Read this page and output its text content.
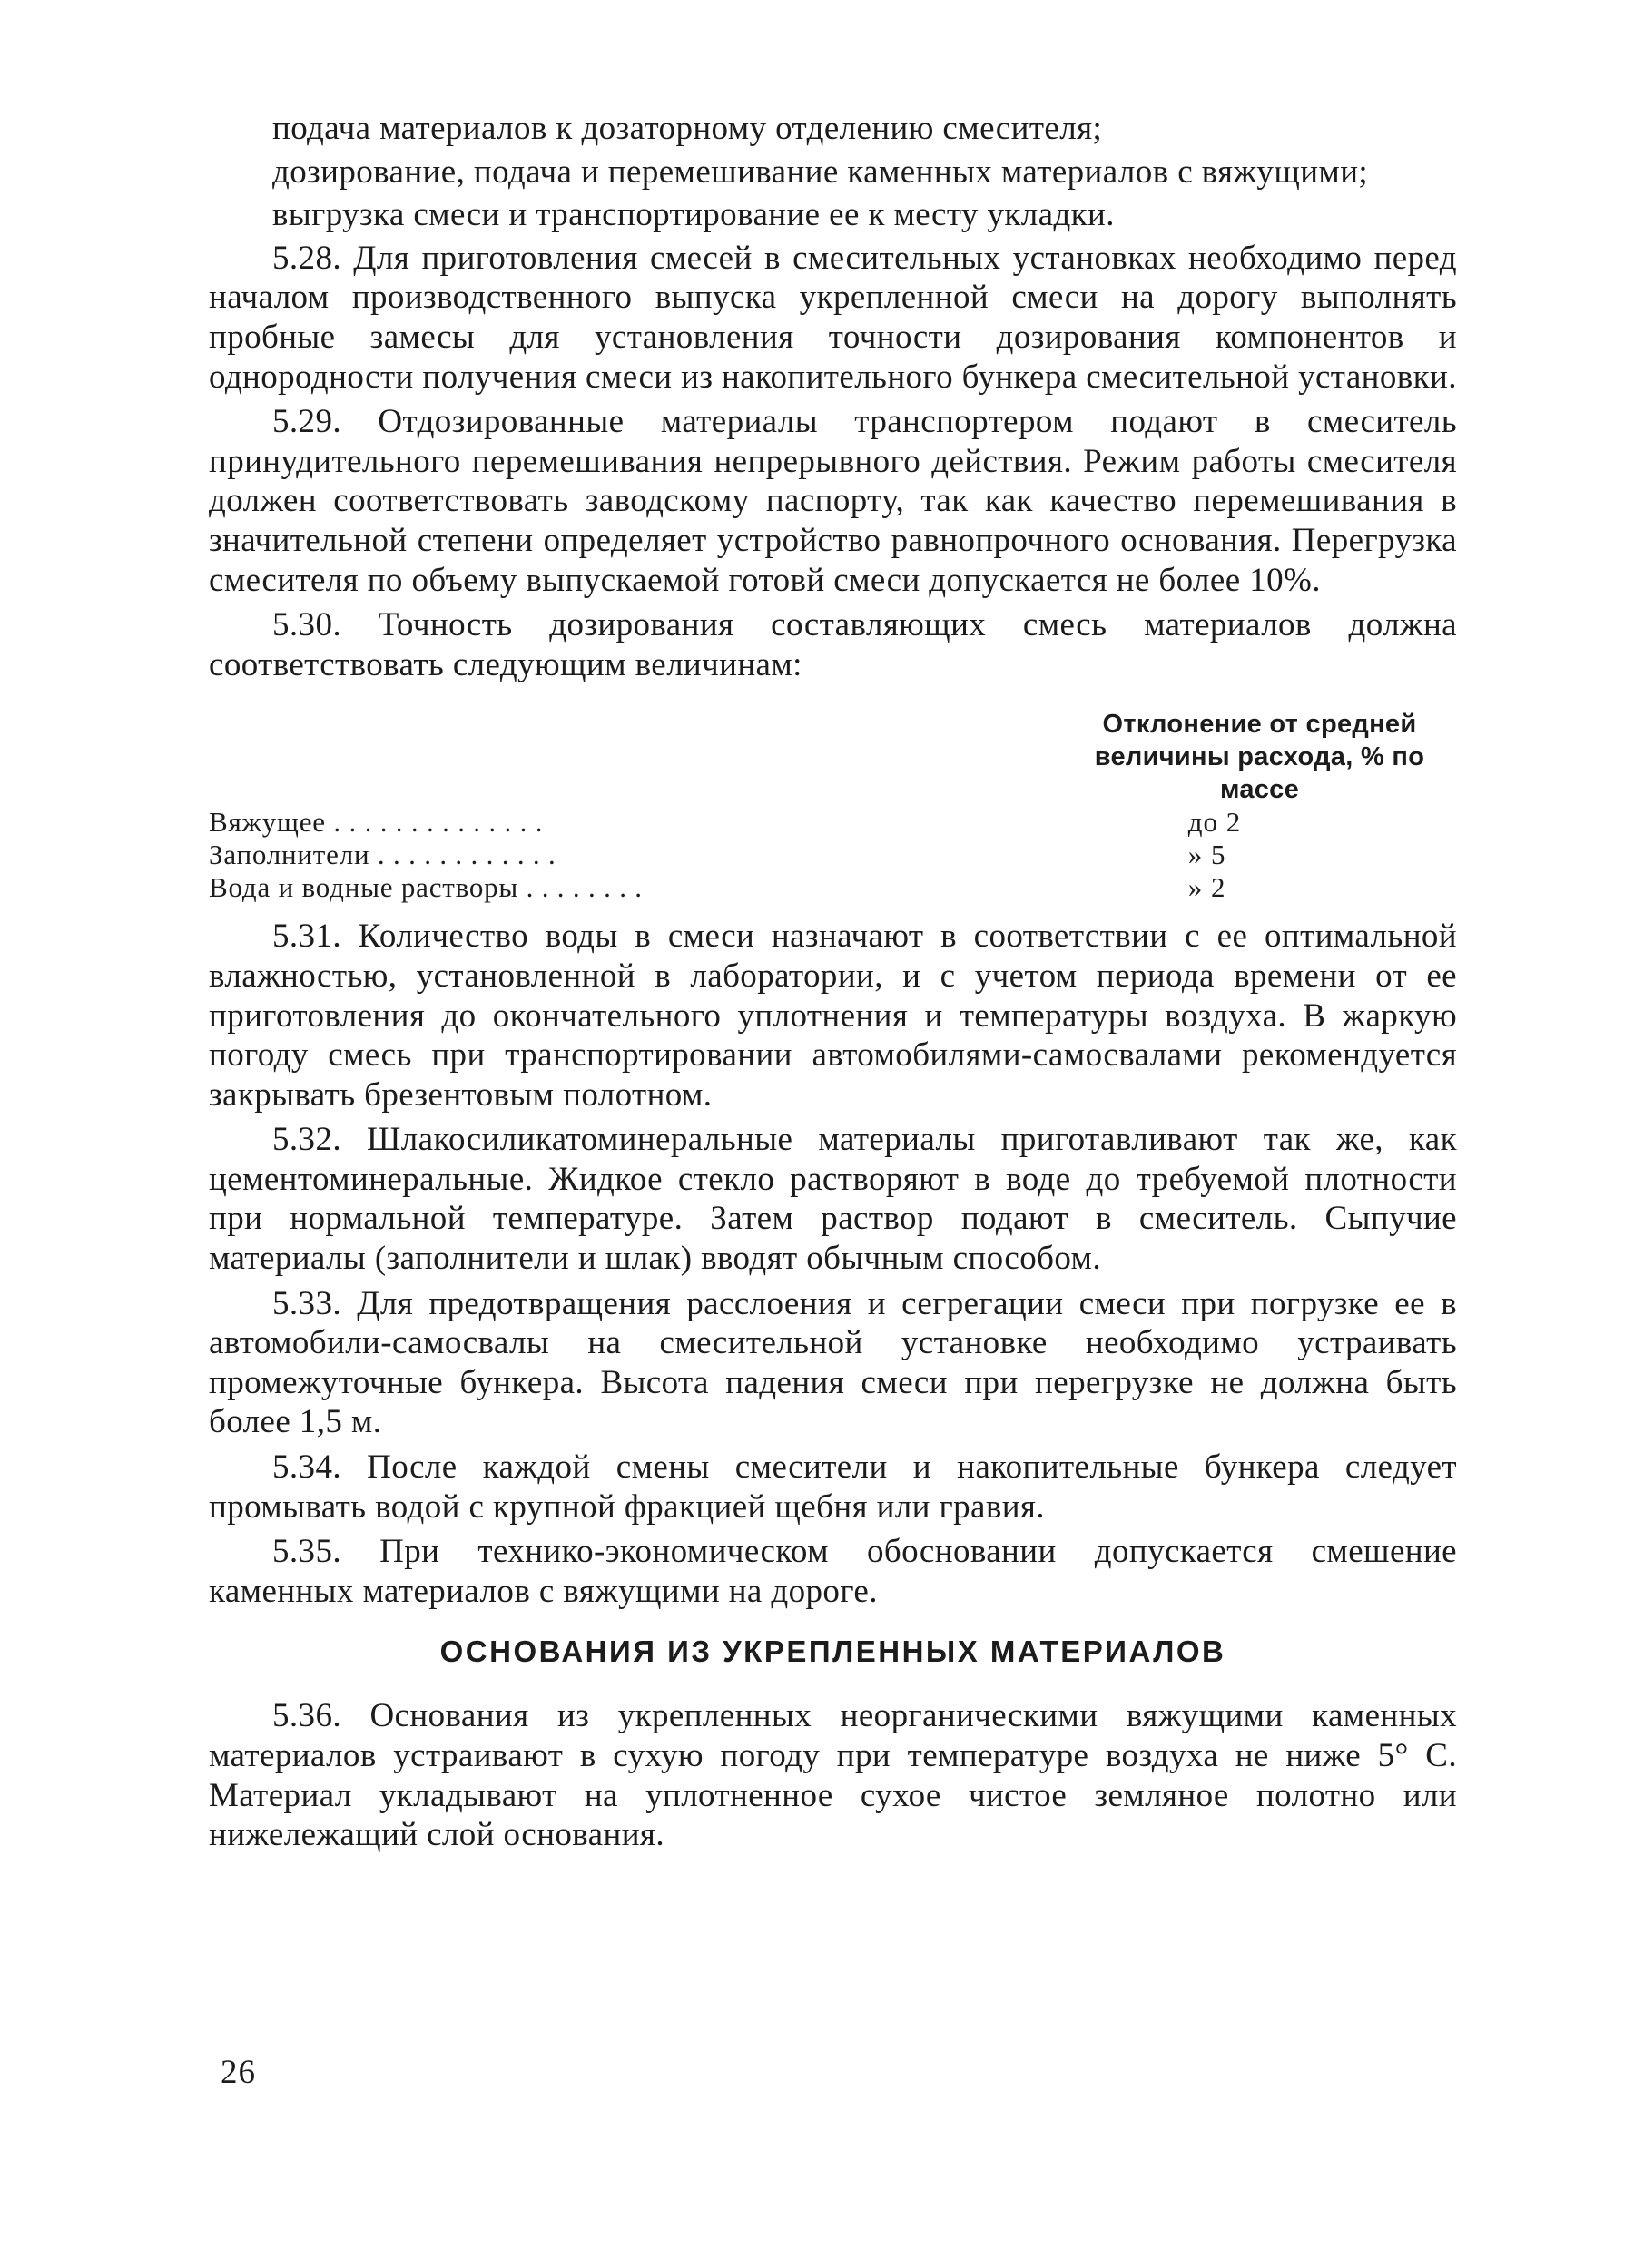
подача материалов к дозаторному отделению смесителя;

дозирование, подача и перемешивание каменных материалов с вяжущими;

выгрузка смеси и транспортирование ее к месту укладки.

5.28. Для приготовления смесей в смесительных установках необходимо перед началом производственного выпуска укрепленной смеси на дорогу выполнять пробные замесы для установления точности дозирования компонентов и однородности получения смеси из накопительного бункера смесительной установки.

5.29. Отдозированные материалы транспортером подают в смеситель принудительного перемешивания непрерывного действия. Режим работы смесителя должен соответствовать заводскому паспорту, так как качество перемешивания в значительной степени определяет устройство равнопрочного основания. Перегрузка смесителя по объему выпускаемой готовй смеси допускается не более 10%.

5.30. Точность дозирования составляющих смесь материалов должна соответствовать следующим величинам:

Отклонение от средней величины расхода, % по массе
Вяжущее . . . . . . . . . . . . . .	до 2
Заполнители . . . . . . . . . . . .	» 5
Вода и водные растворы . . . . . . . .	» 2

5.31. Количество воды в смеси назначают в соответствии с ее оптимальной влажностью, установленной в лаборатории, и с учетом периода времени от ее приготовления до окончательного уплотнения и температуры воздуха. В жаркую погоду смесь при транспортировании автомобилями-самосвалами рекомендуется закрывать брезентовым полотном.

5.32. Шлакосиликатоминеральные материалы приготавливают так же, как цементоминеральные. Жидкое стекло растворяют в воде до требуемой плотности при нормальной температуре. Затем раствор подают в смеситель. Сыпучие материалы (заполнители и шлак) вводят обычным способом.

5.33. Для предотвращения расслоения и сегрегации смеси при погрузке ее в автомобили-самосвалы на смесительной установке необходимо устраивать промежуточные бункера. Высота падения смеси при перегрузке не должна быть более 1,5 м.

5.34. После каждой смены смесители и накопительные бункера следует промывать водой с крупной фракцией щебня или гравия.

5.35. При технико-экономическом обосновании допускается смешение каменных материалов с вяжущими на дороге.

ОСНОВАНИЯ ИЗ УКРЕПЛЕННЫХ МАТЕРИАЛОВ

5.36. Основания из укрепленных неорганическими вяжущими каменных материалов устраивают в сухую погоду при температуре воздуха не ниже 5° С. Материал укладывают на уплотненное сухое чистое земляное полотно или нижележащий слой основания.

26
